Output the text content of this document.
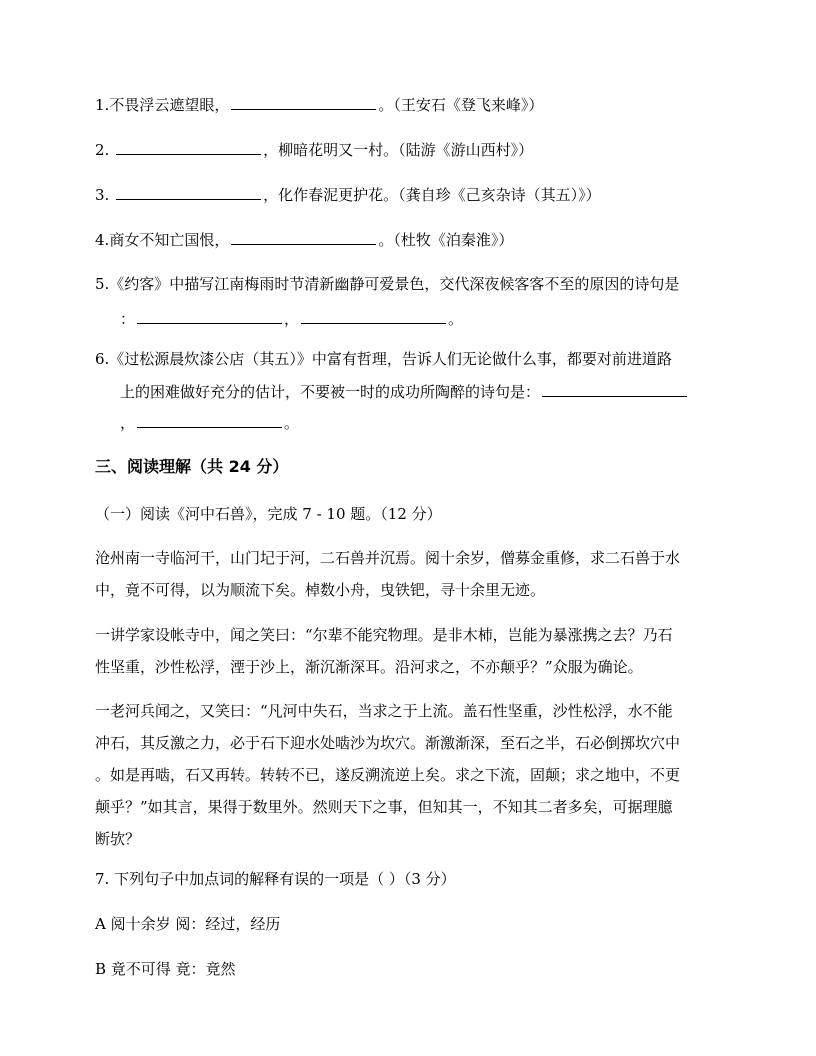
1.不畏浮云遮望眼，	。（王安石《登飞来峰》）
2.	，柳暗花明又一村。（陆游《游山西村》）
3.	，化作春泥更护花。（龚自珍《己亥杂诗（其五）》）
4.商女不知亡国恨，	。（杜牧《泊秦淮》）
5.《约客》中描写江南梅雨时节清新幽静可爱景色，交代深夜候客客不至的原因的诗句是
：	，	。
6.《过松源晨炊漆公店（其五）》中富有哲理，告诉人们无论做什么事，都要对前进道路
上的困难做好充分的估计，不要被一时的成功所陶醉的诗句是：
，	。
三、阅读理解（共 24 分）
（一）阅读《河中石兽》，完成 7 - 10 题。（12 分）
沧州南一寺临河干，山门圮于河，二石兽并沉焉。阅十余岁，僧募金重修，求二石兽于水
中，竟不可得，以为顺流下矣。棹数小舟，曳铁钯，寻十余里无迹。
一讲学家设帐寺中，闻之笑曰：“尔辈不能究物理。是非木杮，岂能为暴涨携之去？乃石
性坚重，沙性松浮，湮于沙上，渐沉渐深耳。沿河求之，不亦颠乎？”众服为确论。
一老河兵闻之，又笑曰：“凡河中失石，当求之于上流。盖石性坚重，沙性松浮，水不能
冲石，其反激之力，必于石下迎水处啮沙为坎穴。渐激渐深，至石之半，石必倒掷坎穴中
。如是再啮，石又再转。转转不已，遂反溯流逆上矣。求之下流，固颠；求之地中，不更
颠乎？”如其言，果得于数里外。然则天下之事，但知其一，不知其二者多矣，可据理臆
断欤？
7. 下列句子中加点词的解释有误的一项是（ ）（3 分）
A 阅十余岁 阅：经过，经历
B 竟不可得 竟：竟然
